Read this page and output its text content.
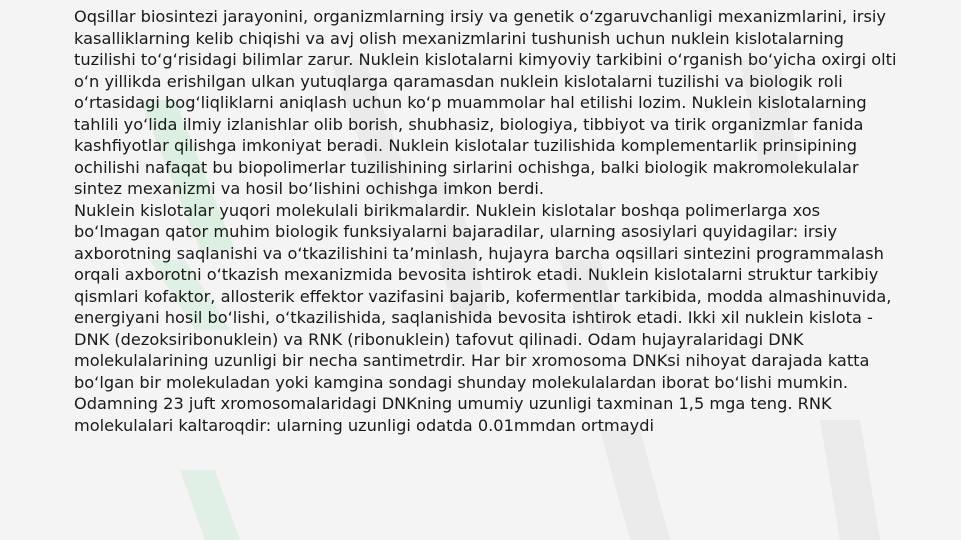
Oqsillar biosintezi jarayonini, organizmlarning irsiy va genetik o‘zgaruvchanligi mexanizmlarini, irsiy kasalliklarning kelib chiqishi va avj olish mexanizmlarini tushunish uchun nuklein kislotalarning tuzilishi to‘g‘risidagi bilimlar zarur. Nuklein kislotalarni kimyoviy tarkibini o‘rganish bo‘yicha oxirgi olti o‘n yillikda erishilgan ulkan yutuqlarga qaramasdan nuklein kislotalarni tuzilishi va biologik roli o‘rtasidagi bog‘liqliklarni aniqlash uchun ko‘p muammolar hal etilishi lozim. Nuklein kislotalarning tahlili yo‘lida ilmiy izlanishlar olib borish, shubhasiz, biologiya, tibbiyot va tirik organizmlar fanida kashfiyotlar qilishga imkoniyat beradi. Nuklein kislotalar tuzilishida komplementarlik prinsipining ochilishi nafaqat bu biopolimerlar tuzilishining sirlarini ochishga, balki biologik makromolekulalar sintez mexanizmi va hosil bo‘lishini ochishga imkon berdi.

Nuklein kislotalar yuqori molekulali birikmalardir. Nuklein kislotalar boshqa polimerlarga xos bo‘lmagan qator muhim biologik funksiyalarni bajaradilar, ularning asosiylari quyidagilar: irsiy axborotning saqlanishi va o‘tkazilishini ta’minlash, hujayra barcha oqsillari sintezini programmalash orqali axborotni o‘tkazish mexanizmida bevosita ishtirok etadi. Nuklein kislotalarni struktur tarkibiy qismlari kofaktor, allosterik effektor vazifasini bajarib, kofermentlar tarkibida, modda almashinuvida, energiyani hosil bo‘lishi, o‘tkazilishida, saqlanishida bevosita ishtirok etadi. Ikki xil nuklein kislota - DNK (dezoksiribonuklein) va RNK (ribonuklein) tafovut qilinadi. Odam hujayralaridagi DNK molekulalarining uzunligi bir necha santimetrdir. Har bir xromosoma DNKsi nihoyat darajada katta bo‘lgan bir molekuladan yoki kamgina sondagi shunday molekulalardan iborat bo‘lishi mumkin. Odamning 23 juft xromosomalaridagi DNKning umumiy uzunligi taxminan 1,5 mga teng. RNK molekulalari kaltaroqdir: ularning uzunligi odatda 0.01mmdan ortmaydi
